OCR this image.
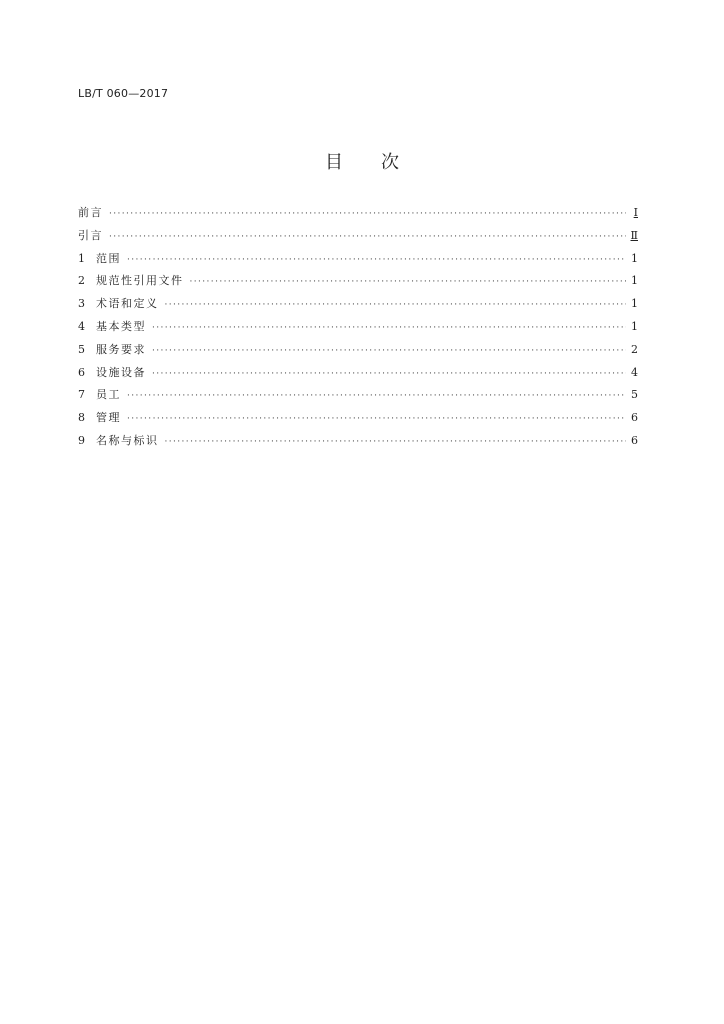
LB/T 060—2017
目 次
前言 ·····	Ⅰ
引言 ·····	Ⅱ
1	范围 ·····	1
2	规范性引用文件 ·····	1
3	术语和定义 ·····	1
4	基本类型 ·····	1
5	服务要求 ·····	2
6	设施设备 ·····	4
7	员工 ·····	5
8	管理 ·····	6
9	名称与标识 ·····	6
